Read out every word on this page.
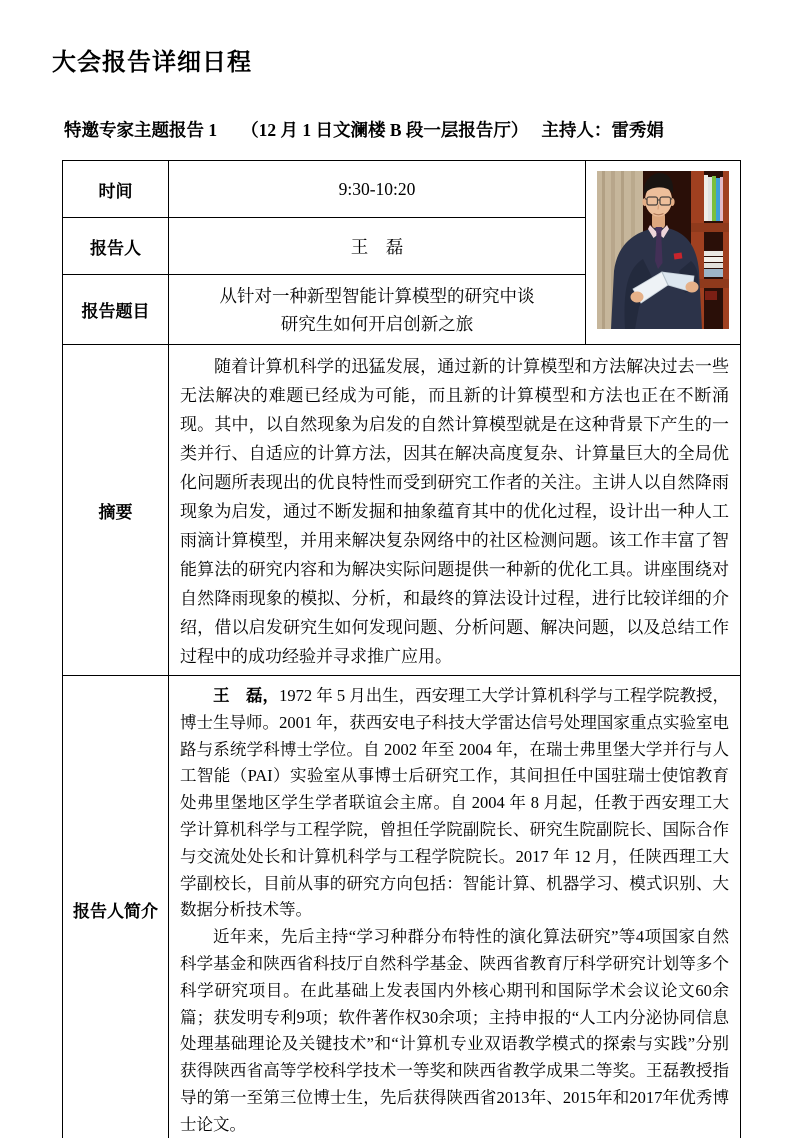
大会报告详细日程
特邀专家主题报告 1 （12 月 1 日文澜楼 B 段一层报告厅） 主持人：雷秀娟
时间	9:30-10:20	
报告人	王　磊	
报告题目	从针对一种新型智能计算模型的研究中谈
研究生如何开启创新之旅	

摘要	随着计算机科学的迅猛发展，通过新的计算模型和方法解决过去一些无法解决的难题已经成为可能，而且新的计算模型和方法也正在不断涌现。其中，以自然现象为启发的自然计算模型就是在这种背景下产生的一类并行、自适应的计算方法，因其在解决高度复杂、计算量巨大的全局优化问题所表现出的优良特性而受到研究工作者的关注。主讲人以自然降雨现象为启发，通过不断发掘和抽象蕴育其中的优化过程，设计出一种人工雨滴计算模型，并用来解决复杂网络中的社区检测问题。该工作丰富了智能算法的研究内容和为解决实际问题提供一种新的优化工具。讲座围绕对自然降雨现象的模拟、分析，和最终的算法设计过程，进行比较详细的介绍，借以启发研究生如何发现问题、分析问题、解决问题，以及总结工作过程中的成功经验并寻求推广应用。	

报告人简介	王　磊，1972 年 5 月出生，西安理工大学计算机科学与工程学院教授，博士生导师。2001 年，获西安电子科技大学雷达信号处理国家重点实验室电路与系统学科博士学位。自 2002 年至 2004 年，在瑞士弗里堡大学并行与人工智能（PAI）实验室从事博士后研究工作，其间担任中国驻瑞士使馆教育处弗里堡地区学生学者联谊会主席。自 2004 年 8 月起，任教于西安理工大学计算机科学与工程学院，曾担任学院副院长、研究生院副院长、国际合作与交流处处长和计算机科学与工程学院院长。2017 年 12 月，任陕西理工大学副校长，目前从事的研究方向包括：智能计算、机器学习、模式识别、大数据分析技术等。

近年来，先后主持“学习种群分布特性的演化算法研究”等4项国家自然科学基金和陕西省科技厅自然科学基金、陕西省教育厅科学研究计划等多个科学研究项目。在此基础上发表国内外核心期刊和国际学术会议论文60余篇；获发明专利9项；软件著作权30余项；主持申报的“人工内分泌协同信息处理基础理论及关键技术”和“计算机专业双语教学模式的探索与实践”分别获得陕西省高等学校科学技术一等奖和陕西省教学成果二等奖。王磊教授指导的第一至第三位博士生，先后获得陕西省2013年、2015年和2017年优秀博士论文。	
